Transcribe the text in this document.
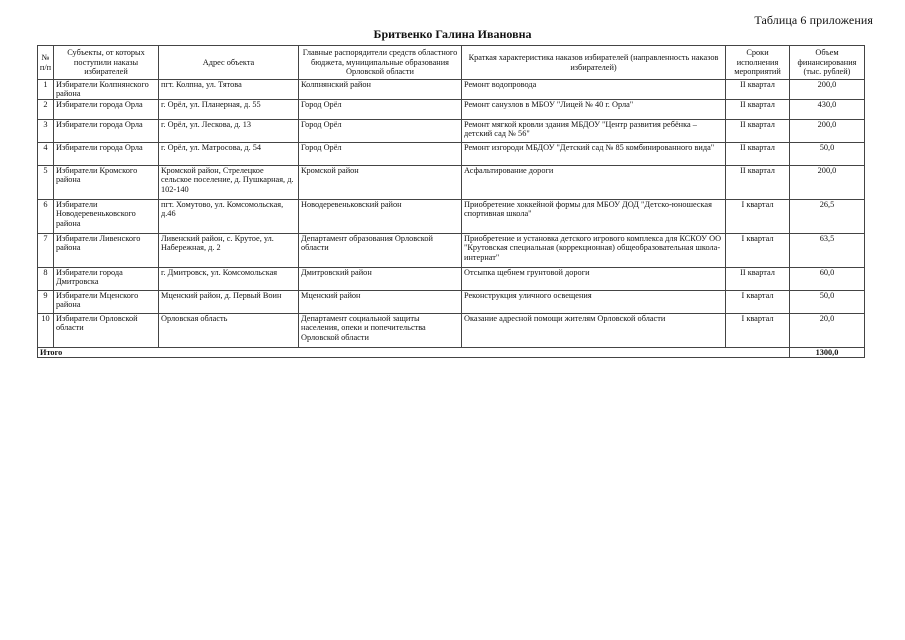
Таблица 6 приложения
Бритвенко Галина Ивановна
№ п/п	Субъекты, от которых поступили наказы избирателей	Адрес объекта	Главные распорядители средств областного бюджета, муниципальные образования Орловской области	Краткая характеристика наказов избирателей (направленность наказов избирателей)	Сроки исполнения мероприятий	Объем финансирования (тыс. рублей)
1	Избиратели Колпнянского района	пгт. Колпна, ул. Тятова	Колпнянский район	Ремонт водопровода	II квартал	200,0
2	Избиратели города Орла	г. Орёл, ул. Планерная, д. 55	Город Орёл	Ремонт санузлов в МБОУ "Лицей № 40 г. Орла"	II квартал	430,0
3	Избиратели города Орла	г. Орёл, ул. Лескова, д. 13	Город Орёл	Ремонт мягкой кровли здания МБДОУ "Центр развития ребёнка – детский сад № 56"	II квартал	200,0
4	Избиратели города Орла	г. Орёл, ул. Матросова, д. 54	Город Орёл	Ремонт изгороди МБДОУ "Детский сад № 85 комбинированного вида"	II квартал	50,0
5	Избиратели Кромского района	Кромской район, Стрелецкое сельское поселение, д. Пушкарная, д. 102-140	Кромской район	Асфальтирование дороги	II квартал	200,0
6	Избиратели Новодеревеньковского района	пгт. Хомутово, ул. Комсомольская, д.46	Новодеревеньковский район	Приобретение хоккейной формы для МБОУ ДОД "Детско-юношеская спортивная школа"	I квартал	26,5
7	Избиратели Ливенского района	Ливенский район, с. Крутое, ул. Набережная, д. 2	Департамент образования Орловской области	Приобретение и установка детского игрового комплекса для КСКОУ ОО "Крутовская специальная (коррекционная) общеобразовательная школа-интернат"	I квартал	63,5
8	Избиратели города Дмитровска	г. Дмитровск, ул. Комсомольская	Дмитровский район	Отсыпка щебнем грунтовой дороги	II квартал	60,0
9	Избиратели Мценского района	Мценский район, д. Первый Воин	Мценский район	Реконструкция уличного освещения	I квартал	50,0
10	Избиратели Орловской области	Орловская область	Департамент социальной защиты населения, опеки и попечительства Орловской области	Оказание адресной помощи жителям Орловской области	I квартал	20,0
Итого						1300,0
